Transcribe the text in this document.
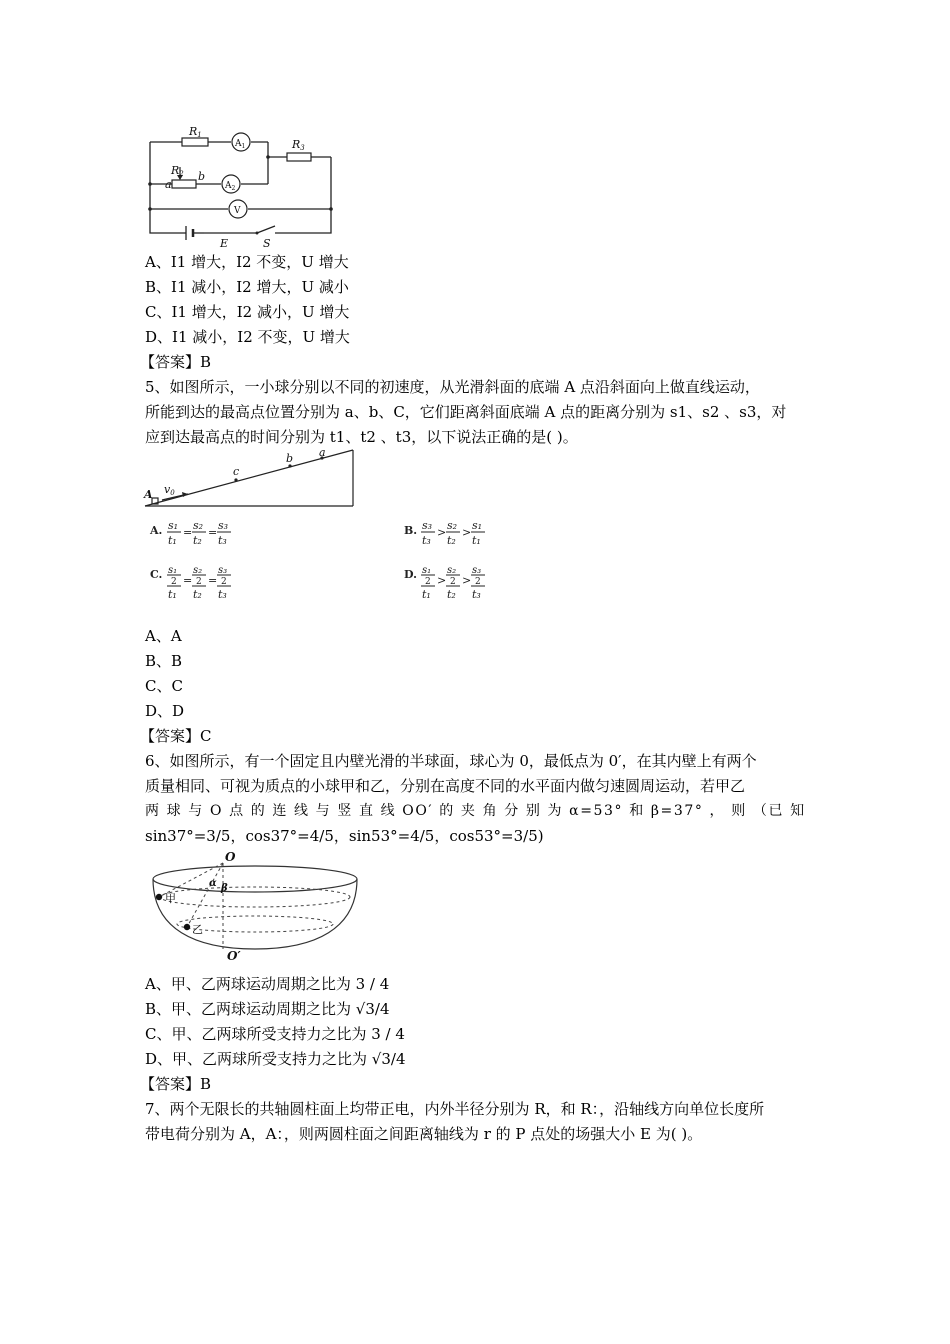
R1
$A_1$
R2
R3
a
b
$A_2$
V
E	S
A、I1 增大，I2 不变，U 增大
B、I1 减小，I2 增大，U 减小
C、I1 增大，I2 减小，U 增大
D、I1 减小，I2 不变，U 增大
【答案】B
5、如图所示，一小球分别以不同的初速度，从光滑斜面的底端 A 点沿斜面向上做直线运动，
所能到达的最高点位置分别为 a、b、C，它们距离斜面底端 A 点的距离分别为 s1、s2 、s3，对
应到达最高点的时间分别为 t1、t2 、t3，以下说法正确的是( )。
A v0
c
b a
A. s₁
t₁
=
s₂
t₂
=
s₃
t₃
B. s₃
t₃
>
s₂
t₂
>
s₁
t₁
C. s₁
2
t₁
=
s₂
2
t₂
=
s₃
2
t₃
D. s₁
2
t₁
>
s₂
2
t₂
>
s₃
2
t₃
A、A
B、B
C、C
D、D
【答案】C
6、如图所示，有一个固定且内壁光滑的半球面，球心为 0，最低点为 0′，在其内壁上有两个
质量相同、可视为质点的小球甲和乙，分别在高度不同的水平面内做匀速圆周运动，若甲乙
两 球 与 O 点 的 连 线 与 竖 直 线 OO′ 的 夹 角 分 别 为 α=53° 和 β=37° ， 则 （已 知
sin37°=3/5，cos37°=4/5，sin53°=4/5，cos53°=3/5)
O
α β
甲
乙
O′
A、甲、乙两球运动周期之比为 3 / 4
B、甲、乙两球运动周期之比为 √3/4
C、甲、乙两球所受支持力之比为 3 / 4
D、甲、乙两球所受支持力之比为 √3/4
【答案】B
7、两个无限长的共轴圆柱面上均带正电，内外半径分别为 R，和 R：，沿轴线方向单位长度所
带电荷分别为 A，A：，则两圆柱面之间距离轴线为 r 的 P 点处的场强大小 E 为( )。
